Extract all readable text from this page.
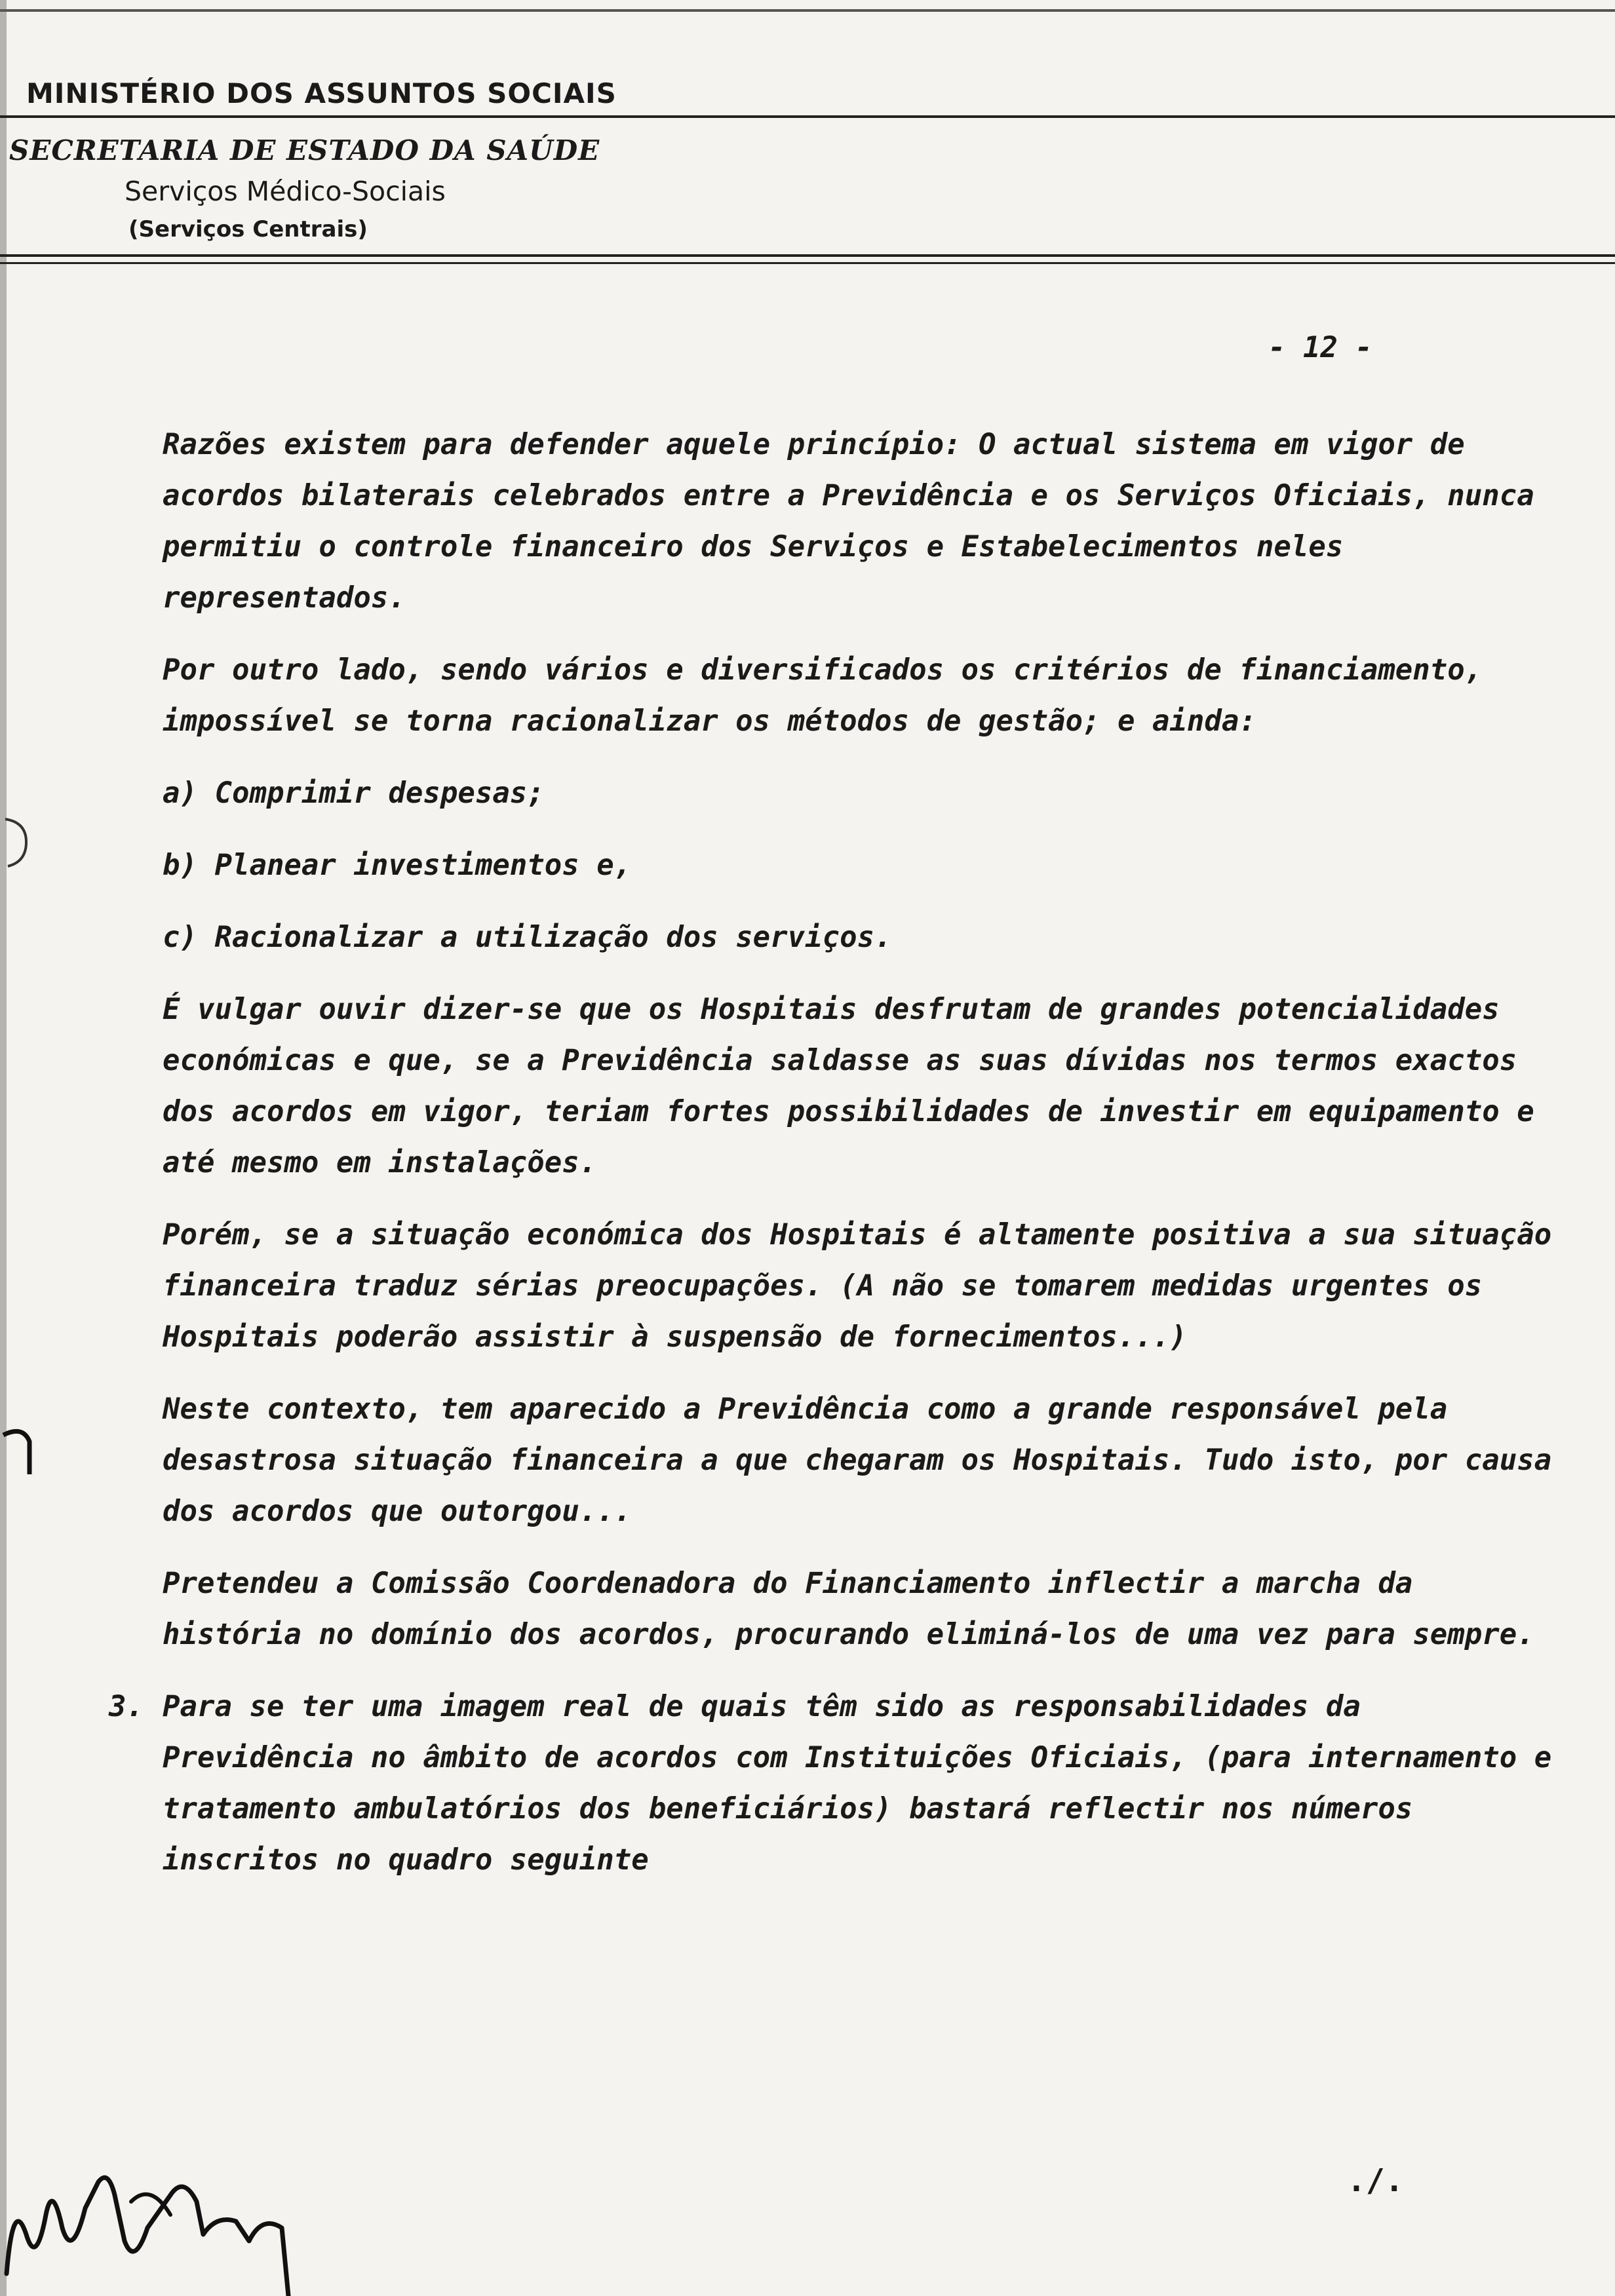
MINISTÉRIO DOS ASSUNTOS SOCIAIS
SECRETARIA DE ESTADO DA SAÚDE
Serviços Médico-Sociais
(Serviços Centrais)
- 12 -

Razões existem para defender aquele princípio: O actual sistema em vigor de acordos bilaterais celebrados entre a Previdência e os Serviços Oficiais, nunca permitiu o controle financeiro dos Serviços e Estabelecimentos neles representados.

Por outro lado, sendo vários e diversificados os critérios de financiamento, impossível se torna racionalizar os métodos de gestão; e ainda:

a) Comprimir despesas;

b) Planear investimentos e,

c) Racionalizar a utilização dos serviços.

É vulgar ouvir dizer-se que os Hospitais desfrutam de grandes potencialidades económicas e que, se a Previdência saldasse as suas dívidas nos termos exactos dos acordos em vigor, teriam fortes possibilidades de investir em equipamento e até mesmo em instalações.

Porém, se a situação económica dos Hospitais é altamente positiva a sua situação financeira traduz sérias preocupações. (A não se tomarem medidas urgentes os Hospitais poderão assistir à suspensão de fornecimentos...)

Neste contexto, tem aparecido a Previdência como a grande responsável pela desastrosa situação financeira a que chegaram os Hospitais. Tudo isto, por causa dos acordos que outorgou...

Pretendeu a Comissão Coordenadora do Financiamento inflectir a marcha da história no domínio dos acordos, procurando eliminá-los de uma vez para sempre.

3. Para se ter uma imagem real de quais têm sido as responsabilidades da Previdência no âmbito de acordos com Instituições Oficiais, (para internamento e tratamento ambulatórios dos beneficiários) bastará reflectir nos números inscritos no quadro seguinte

./.
